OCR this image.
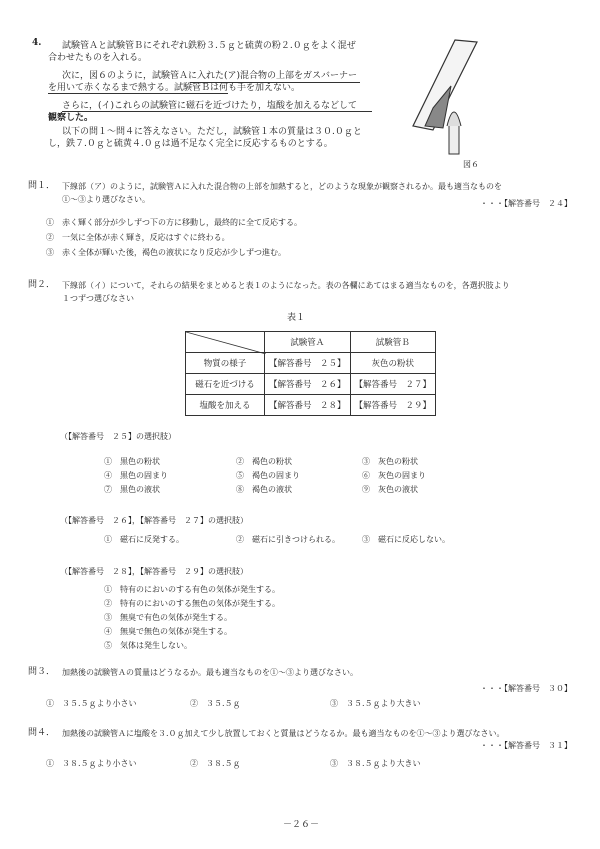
4. 試験管Ａと試験管Ｂにそれぞれ鉄粉３.５ｇと硫黄の粉２.０ｇをよく混ぜ
合わせたものを入れる。
次に，図６のように，試験管Ａに入れた(ア)混合物の上部をガスバーナー
を用いて赤くなるまで熱する。試験管Ｂは何も手を加えない。
さらに，(イ)これらの試験管に磁石を近づけたり，塩酸を加えるなどして
観察した。
以下の問１～問４に答えなさい。ただし，試験管１本の質量は３０.０ｇと
し，鉄７.０ｇと硫黄４.０ｇは過不足なく完全に反応するものとする。
図６
問１． 下線部（ア）のように，試験管Ａに入れた混合物の上部を加熱すると，どのような現象が観察されるか。最も適当なものを
①～③より選びなさい。	・・・【解答番号　２４】
①　赤く輝く部分が少しずつ下の方に移動し，最終的に全て反応する。
②　一気に全体が赤く輝き，反応はすぐに終わる。
③　赤く全体が輝いた後，褐色の液状になり反応が少しずつ進む。
問２． 下線部（イ）について，それらの結果をまとめると表１のようになった。表の各欄にあてはまる適当なものを，各選択肢より
１つずつ選びなさい
表１
	試験管Ａ	試験管Ｂ
物質の様子	【解答番号　２５】	灰色の粉状
磁石を近づける	【解答番号　２６】	【解答番号　２７】
塩酸を加える	【解答番号　２８】	【解答番号　２９】
（【解答番号　２５】の選択肢）
①　黒色の粉状	②　褐色の粉状	③　灰色の粉状
④　黒色の固まり	⑤　褐色の固まり	⑥　灰色の固まり
⑦　黒色の液状	⑧　褐色の液状	⑨　灰色の液状
（【解答番号　２６】，【解答番号　２７】の選択肢）
①　磁石に反発する。	②　磁石に引きつけられる。	③　磁石に反応しない。
（【解答番号　２８】，【解答番号　２９】の選択肢）
①　特有のにおいのする有色の気体が発生する。
②　特有のにおいのする無色の気体が発生する。
③　無臭で有色の気体が発生する。
④　無臭で無色の気体が発生する。
⑤　気体は発生しない。
問３． 加熱後の試験管Ａの質量はどうなるか。最も適当なものを①～③より選びなさい。
・・・【解答番号　３０】
①　３５.５ｇより小さい	②　３５.５ｇ	③　３５.５ｇより大きい
問４． 加熱後の試験管Ａに塩酸を３.０ｇ加えて少し放置しておくと質量はどうなるか。最も適当なものを①～③より選びなさい。
・・・【解答番号　３１】
①　３８.５ｇより小さい	②　３８.５ｇ	③　３８.５ｇより大きい
－２６－
